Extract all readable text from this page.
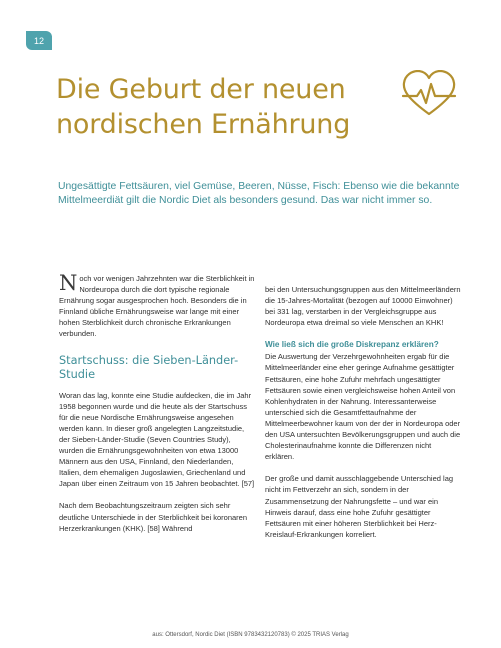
12
Die Geburt der neuen nordischen Ernährung

Ungesättigte Fettsäuren, viel Gemüse, Beeren, Nüsse, Fisch: Ebenso wie die bekannte Mittelmeerdiät gilt die Nordic Diet als besonders gesund. Das war nicht immer so.

Noch vor wenigen Jahrzehnten war die Sterblichkeit in Nordeuropa durch die dort typische regionale Ernährung sogar ausgesprochen hoch. Besonders die in Finnland übliche Ernährungsweise war lange mit einer hohen Sterblichkeit durch chronische Erkrankungen verbunden.

Startschuss: die Sieben-Länder-Studie

Woran das lag, konnte eine Studie aufdecken, die im Jahr 1958 begonnen wurde und die heute als der Startschuss für die neue Nordische Ernährungsweise angesehen werden kann. In dieser groß angelegten Langzeitstudie, der Sieben-Länder-Studie (Seven Countries Study), wurden die Ernährungsgewohnheiten von etwa 13000 Männern aus den USA, Finnland, den Niederlanden, Italien, dem ehemaligen Jugoslawien, Griechenland und Japan über einen Zeitraum von 15 Jahren beobachtet. [57]

Nach dem Beobachtungszeitraum zeigten sich sehr deutliche Unterschiede in der Sterblichkeit bei koronaren Herzerkrankungen (KHK). [58] Während

bei den Untersuchungsgruppen aus den Mittelmeerländern die 15-Jahres-Mortalität (bezogen auf 10000 Einwohner) bei 331 lag, verstarben in der Vergleichsgruppe aus Nordeuropa etwa dreimal so viele Menschen an KHK!

Wie ließ sich die große Diskrepanz erklären?

Die Auswertung der Verzehrgewohnheiten ergab für die Mittelmeerländer eine eher geringe Aufnahme gesättigter Fettsäuren, eine hohe Zufuhr mehrfach ungesättigter Fettsäuren sowie einen vergleichsweise hohen Anteil von Kohlenhydraten in der Nahrung. Interessanterweise unterschied sich die Gesamtfettaufnahme der Mittelmeerbewohner kaum von der der in Nordeuropa oder den USA untersuchten Bevölkerungsgruppen und auch die Cholesterinaufnahme konnte die Differenzen nicht erklären.

Der große und damit ausschlaggebende Unterschied lag nicht im Fettverzehr an sich, sondern in der Zusammensetzung der Nahrungsfette – und war ein Hinweis darauf, dass eine hohe Zufuhr gesättigter Fettsäuren mit einer höheren Sterblichkeit bei Herz-Kreislauf-Erkrankungen korreliert.

aus: Ottersdorf, Nordic Diet (ISBN 9783432120783) © 2025 TRIAS Verlag
